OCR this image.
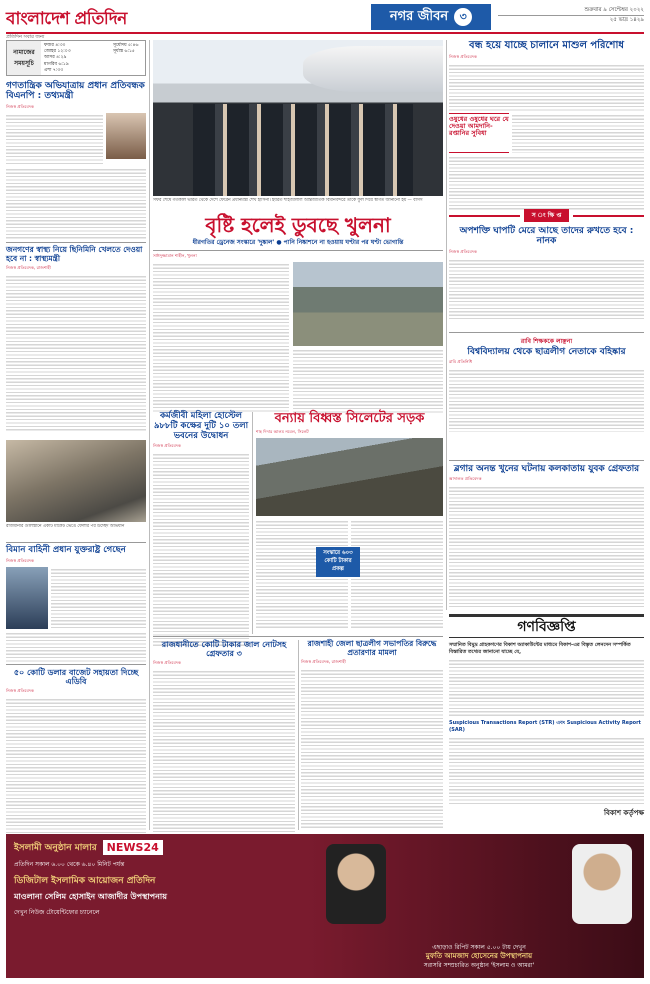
বাংলাদেশ প্রতিদিন
প্রতিদিন সবার জন্য
নগর জীবন	৩	শুক্রবার ৯ সেপ্টেম্বর ২০২২
২৫ ভাদ্র ১৪২৯
নামাজের সময়সূচি
ফজর ৪:৩০
জোহর ১২:০৩
আসর ৪:২৯
মাগরিব ৬:১৯
এশা ৭:৩৩
সূর্যোদয় ৫:৪৬
সূর্যাস্ত ৬:১৫
গণতান্ত্রিক অভিযাত্রায় প্রধান প্রতিবন্ধক বিএনপি : তথ্যমন্ত্রী
নিজস্ব প্রতিবেদক
জনগণের স্বাস্থ্য নিয়ে ছিনিমিনি খেলতে দেওয়া হবে না : স্বাস্থ্যমন্ত্রী
নিজস্ব প্রতিবেদক, রাজশাহী
রাজধানীর গুলিস্তানে একটি মার্কেট ভেঙে ফেলার পর উচ্ছেদ অভিযান
বিমান বাহিনী প্রধান যুক্তরাষ্ট্র গেছেন
নিজস্ব প্রতিবেদক
৫০ কোটি ডলার বাজেট সহায়তা দিচ্ছে এডিবি
নিজস্ব প্রতিবেদক
সফর শেষে গতকাল ভারত থেকে দেশে ফেরেন প্রধানমন্ত্রী শেখ হাসিনা। হযরত শাহজালাল আন্তর্জাতিক বিমানবন্দরে তাঁকে ফুল দিয়ে স্বাগত জানানো হয় — বাসস
বন্ধ হয়ে যাচ্ছে চালানে মাশুল পরিশোধ
নিজস্ব প্রতিবেদক
ওষুধের ওষুধের ঘরে যে দেওয়া আমদানি-রপ্তানির সুবিধা
স ং ক্ষি প্ত
অপশক্তি ঘাপটি মেরে আছে তাদের রুখতে হবে : নানক
নিজস্ব প্রতিবেদক
রাবি শিক্ষককে লাঞ্ছনা
বিশ্ববিদ্যালয় থেকে ছাত্রলীগ নেতাকে বহিষ্কার
রাবি প্রতিনিধি
ব্লগার অনন্ত খুনের ঘটনায় কলকাতায় যুবক গ্রেফতার
আদালত প্রতিবেদক
বৃষ্টি হলেই ডুবছে খুলনা
ধীরগতির ড্রেনেজ সংস্কারে 'দুষ্কাল' ● পানি নিষ্কাশনে না হওয়ায় ঘণ্টার পর ঘণ্টা ভোগান্তি
সাঈদুজ্জামান শাহীন, খুলনা
কর্মজীবী মহিলা হোস্টেল ৯৮৮টি কক্ষের দুটি ১০ তলা ভবনের উদ্বোধন
নিজস্ব প্রতিবেদক
বন্যায় বিধ্বস্ত সিলেটের সড়ক
শাহ দিদার আলম নবেল, সিলেট
সংস্কারে ৬০৩ কোটি টাকার প্রকল্প
রাজধানীতে কোটি টাকার জাল নোটসহ গ্রেফতার ৩
নিজস্ব প্রতিবেদক
রাজশাহী জেলা ছাত্রলীগ সভাপতির বিরুদ্ধে প্রতারণার মামলা
নিজস্ব প্রতিবেদক, রাজশাহী
গণবিজ্ঞপ্তি
সম্মানিত বিমুদ্র গ্রাহকগণের বিকাশ অ্যাকাউন্টের মাধ্যমে বিকাশ-এর বিস্তৃত লেনদেন সম্পর্কিত বিস্তারিত তথ্যের জানানো যাচ্ছে যে,
Suspicious Transactions Report (STR) এবং Suspicious Activity Report (SAR)
বিকাশ কর্তৃপক্ষ
ইসলামী অনুষ্ঠান মালার NEWS24
প্রতিদিন সকাল ৬.০০ থেকে ৬.৪০ মিনিট পর্যন্ত
ডিজিটাল ইসলামিক আয়োজন প্রতিদিন
মাওলানা সেলিম হোসাইন আজাদীর উপস্থাপনায়
দেখুন নিউজ টোয়েন্টিফোর চ্যানেলে
এছাড়াও রিপিট সকাল ৫.০০ টায় দেখুন
মুফতি আমজাদ হোসেনের উপস্থাপনায়
সরাসরি সম্প্রচারিত অনুষ্ঠান 'ইসলাম ও আমরা'
